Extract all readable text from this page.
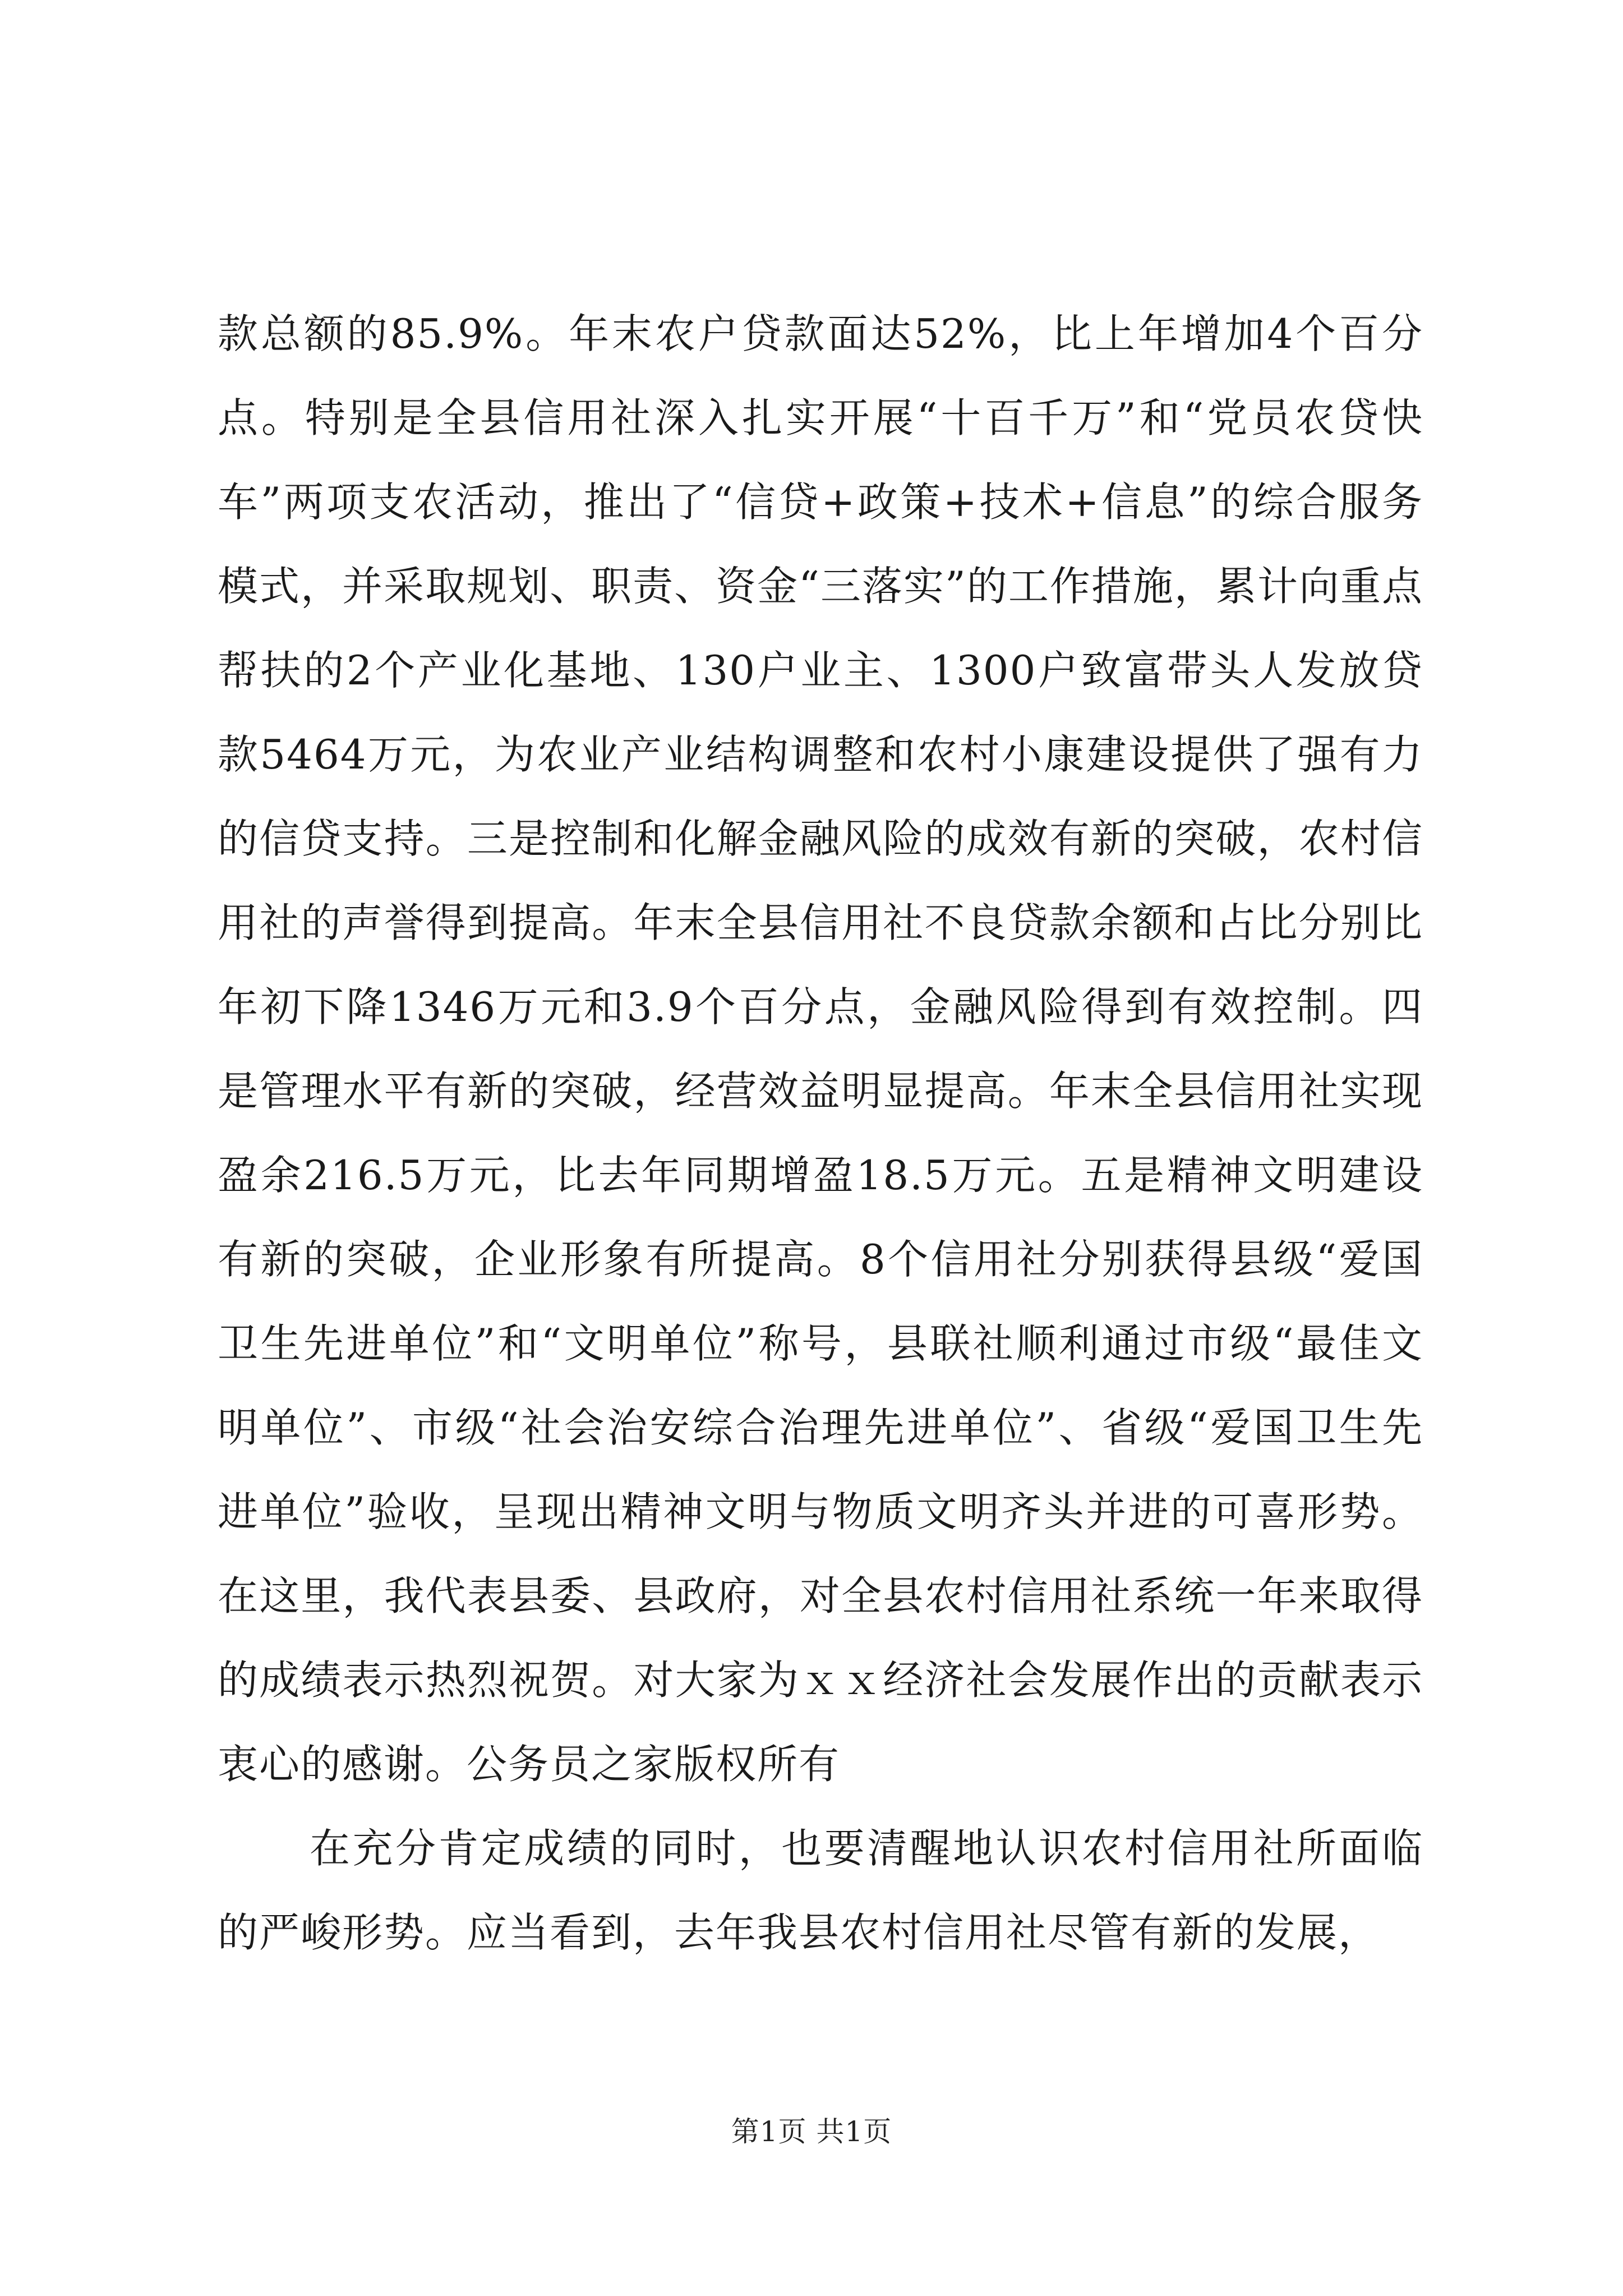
款总额的85.9%。年末农户贷款面达52%，比上年增加4个百分点。特别是全县信用社深入扎实开展“十百千万”和“党员农贷快车”两项支农活动，推出了“信贷+政策+技术+信息”的综合服务模式，并采取规划、职责、资金“三落实”的工作措施，累计向重点帮扶的2个产业化基地、130户业主、1300户致富带头人发放贷款5464万元，为农业产业结构调整和农村小康建设提供了强有力的信贷支持。三是控制和化解金融风险的成效有新的突破，农村信用社的声誉得到提高。年末全县信用社不良贷款余额和占比分别比年初下降1346万元和3.9个百分点，金融风险得到有效控制。四是管理水平有新的突破，经营效益明显提高。年末全县信用社实现盈余216.5万元，比去年同期增盈18.5万元。五是精神文明建设有新的突破，企业形象有所提高。8个信用社分别获得县级“爱国卫生先进单位”和“文明单位”称号，县联社顺利通过市级“最佳文明单位”、市级“社会治安综合治理先进单位”、省级“爱国卫生先进单位”验收，呈现出精神文明与物质文明齐头并进的可喜形势。在这里，我代表县委、县政府，对全县农村信用社系统一年来取得的成绩表示热烈祝贺。对大家为ｘｘ经济社会发展作出的贡献表示衷心的感谢。公务员之家版权所有

在充分肯定成绩的同时，也要清醒地认识农村信用社所面临的严峻形势。应当看到，去年我县农村信用社尽管有新的发展，

第1页 共1页
